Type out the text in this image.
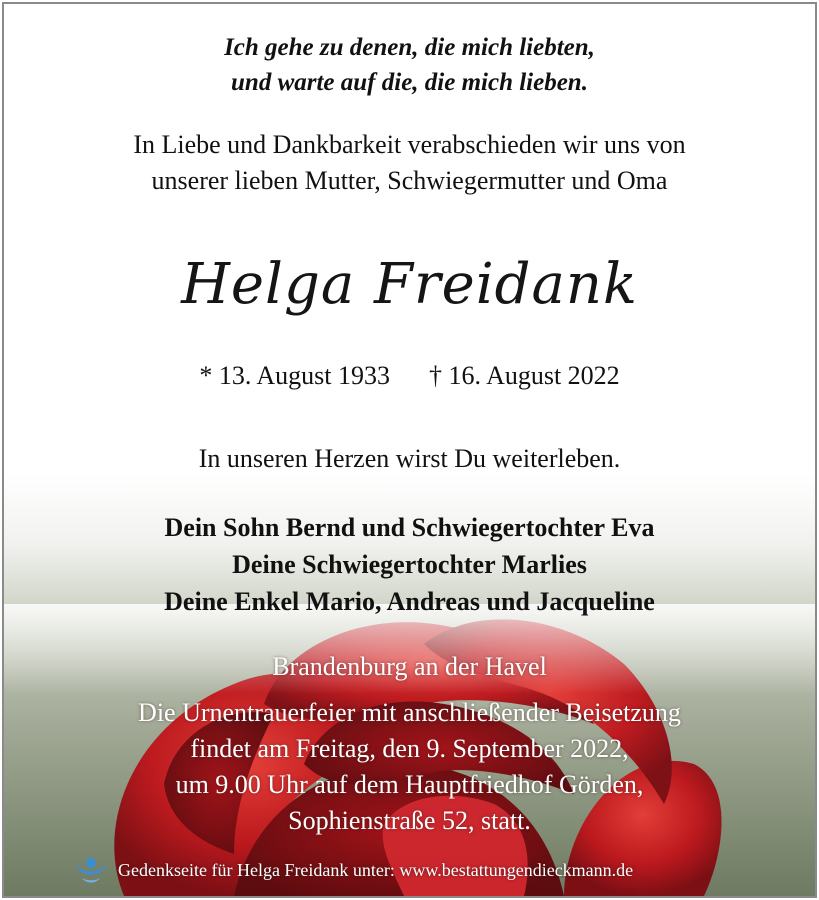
Ich gehe zu denen, die mich liebten,
und warte auf die, die mich lieben.
In Liebe und Dankbarkeit verabschieden wir uns von
unserer lieben Mutter, Schwiegermutter und Oma
Helga Freidank
* 13. August 1933 † 16. August 2022
In unseren Herzen wirst Du weiterleben.
Dein Sohn Bernd und Schwiegertochter Eva
Deine Schwiegertochter Marlies
Deine Enkel Mario, Andreas und Jacqueline
Brandenburg an der Havel
Die Urnentrauerfeier mit anschließender Beisetzung
findet am Freitag, den 9. September 2022,
um 9.00 Uhr auf dem Hauptfriedhof Görden,
Sophienstraße 52, statt.
Gedenkseite für Helga Freidank unter: www.bestattungendieckmann.de
